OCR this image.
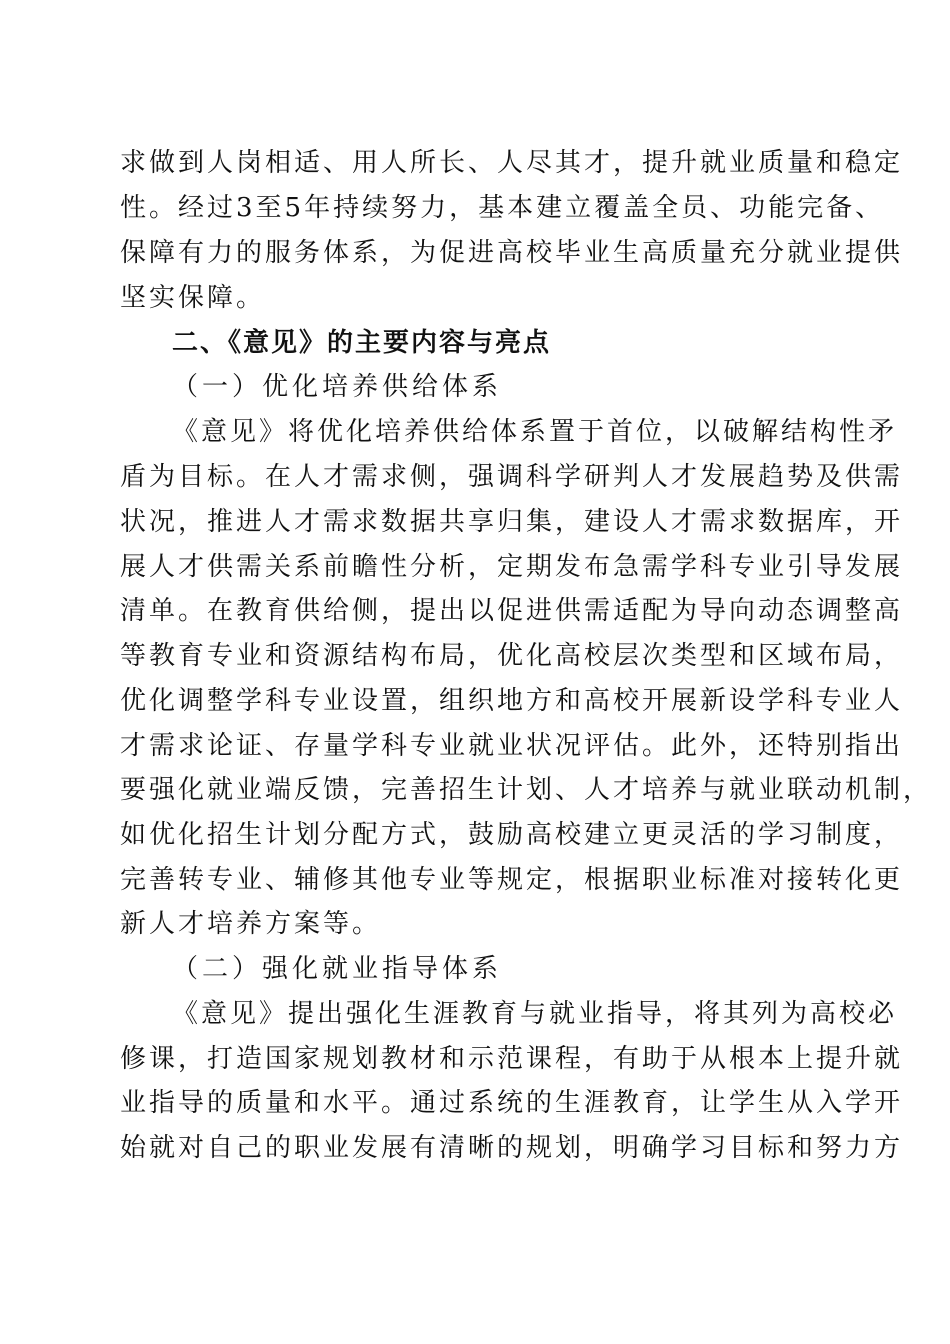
求做到人岗相适、用人所长、人尽其才，提升就业质量和稳定
性。经过3至5年持续努力，基本建立覆盖全员、功能完备、
保障有力的服务体系，为促进高校毕业生高质量充分就业提供
坚实保障。
二、《意见》的主要内容与亮点
（一）优化培养供给体系
《意见》将优化培养供给体系置于首位，以破解结构性矛
盾为目标。在人才需求侧，强调科学研判人才发展趋势及供需
状况，推进人才需求数据共享归集，建设人才需求数据库，开
展人才供需关系前瞻性分析，定期发布急需学科专业引导发展
清单。在教育供给侧，提出以促进供需适配为导向动态调整高
等教育专业和资源结构布局，优化高校层次类型和区域布局，
优化调整学科专业设置，组织地方和高校开展新设学科专业人
才需求论证、存量学科专业就业状况评估。此外，还特别指出
要强化就业端反馈，完善招生计划、人才培养与就业联动机制，
如优化招生计划分配方式，鼓励高校建立更灵活的学习制度，
完善转专业、辅修其他专业等规定，根据职业标准对接转化更
新人才培养方案等。
（二）强化就业指导体系
《意见》提出强化生涯教育与就业指导，将其列为高校必
修课，打造国家规划教材和示范课程，有助于从根本上提升就
业指导的质量和水平。通过系统的生涯教育，让学生从入学开
始就对自己的职业发展有清晰的规划，明确学习目标和努力方
